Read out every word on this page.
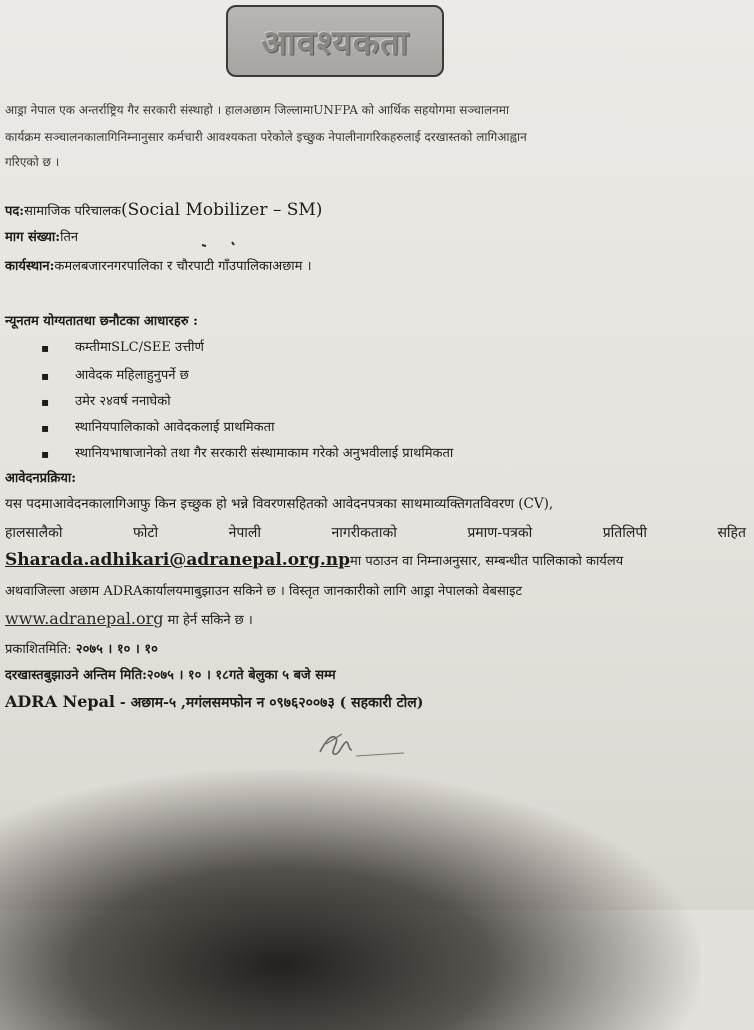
आवश्यकता
आड्रा नेपाल एक अन्तर्राष्ट्रिय गैर सरकारी संस्थाहो । हालअछाम जिल्लामाUNFPA को आर्थिक सहयोगमा सञ्चालनमा
कार्यक्रम सञ्चालनकालागिनिम्नानुसार कर्मचारी आवश्यकता परेकोले इच्छुक नेपालीनागरिकहरुलाई दरखास्तको लागिआह्वान
गरिएको छ ।
पद:सामाजिक परिचालक(Social Mobilizer – SM)
माग संख्या:तिन
कार्यस्थान:कमलबजारनगरपालिका र चौरपाटी गाँउपालिकाअछाम ।
न्यूनतम योग्यतातथा छनौटका आधारहरु :
▪ कम्तीमाSLC/SEE उत्तीर्ण
▪ आवेदक महिलाहुनुपर्ने छ
▪ उमेर २४वर्ष ननाघेको
▪ स्थानियपालिकाको आवेदकलाई प्राथमिकता
▪ स्थानियभाषाजानेको तथा गैर सरकारी संस्थामाकाम गरेको अनुभवीलाई प्राथमिकता
आवेदनप्रक्रिया:
यस पदमाआवेदनकालागिआफु किन इच्छुक हो भन्ने विवरणसहितको आवेदनपत्रका साथमाव्यक्तिगतविवरण (CV),
हालसालैको	फोटो	नेपाली	नागरीकताको	प्रमाण-पत्रको	प्रतिलिपी	सहित
Sharada.adhikari@adranepal.org.npमा पठाउन वा निम्नाअनुसार, सम्बन्धीत पालिकाको कार्यलय
अथवाजिल्ला अछाम ADRAकार्यालयमाबुझाउन सकिने छ । विस्तृत जानकारीको लागि आड्रा नेपालको वेबसाइट
www.adranepal.org मा हेर्न सकिने छ ।
प्रकाशितमिति: २०७५ । १० । १०
दरखास्तबुझाउने अन्तिम मिति:२०७५ । १० । १८गते बेलुका ५ बजे सम्म
ADRA Nepal - अछाम-५ ,मगंलसमफोन न ०९७६२००७३ ( सहकारी टोल)
